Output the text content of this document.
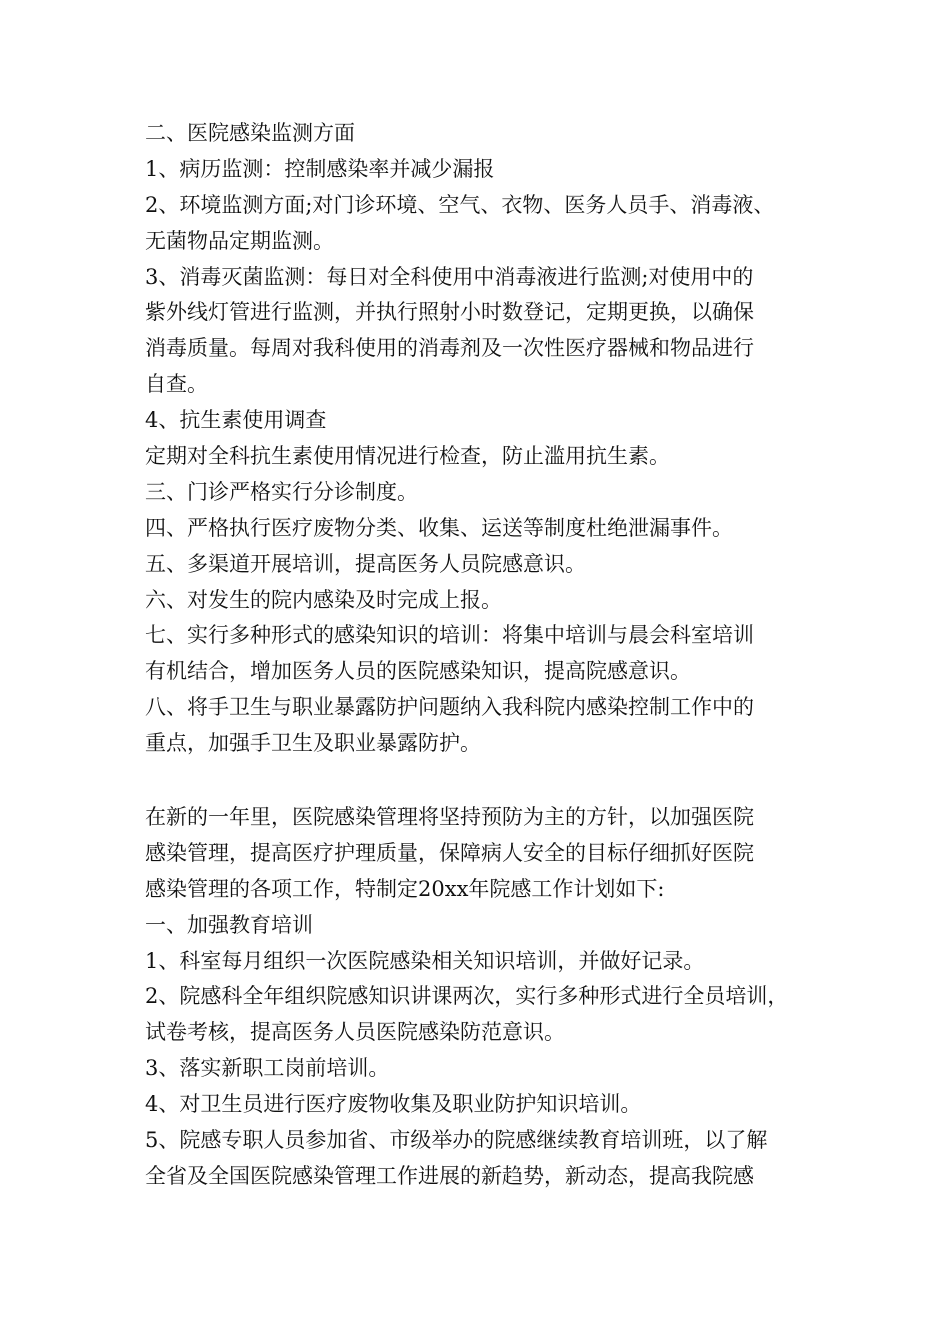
二、医院感染监测方面
1、病历监测：控制感染率并减少漏报
2、环境监测方面;对门诊环境、空气、衣物、医务人员手、消毒液、
无菌物品定期监测。
3、消毒灭菌监测：每日对全科使用中消毒液进行监测;对使用中的
紫外线灯管进行监测，并执行照射小时数登记，定期更换，以确保
消毒质量。每周对我科使用的消毒剂及一次性医疗器械和物品进行
自查。
4、抗生素使用调查
定期对全科抗生素使用情况进行检查，防止滥用抗生素。
三、门诊严格实行分诊制度。
四、严格执行医疗废物分类、收集、运送等制度杜绝泄漏事件。
五、多渠道开展培训，提高医务人员院感意识。
六、对发生的院内感染及时完成上报。
七、实行多种形式的感染知识的培训：将集中培训与晨会科室培训
有机结合，增加医务人员的医院感染知识，提高院感意识。
八、将手卫生与职业暴露防护问题纳入我科院内感染控制工作中的
重点，加强手卫生及职业暴露防护。
在新的一年里，医院感染管理将坚持预防为主的方针，以加强医院
感染管理，提高医疗护理质量，保障病人安全的目标仔细抓好医院
感染管理的各项工作，特制定20xx年院感工作计划如下:
一、加强教育培训
1、科室每月组织一次医院感染相关知识培训，并做好记录。
2、院感科全年组织院感知识讲课两次，实行多种形式进行全员培训，
试卷考核，提高医务人员医院感染防范意识。
3、落实新职工岗前培训。
4、对卫生员进行医疗废物收集及职业防护知识培训。
5、院感专职人员参加省、市级举办的院感继续教育培训班，以了解
全省及全国医院感染管理工作进展的新趋势，新动态，提高我院感
